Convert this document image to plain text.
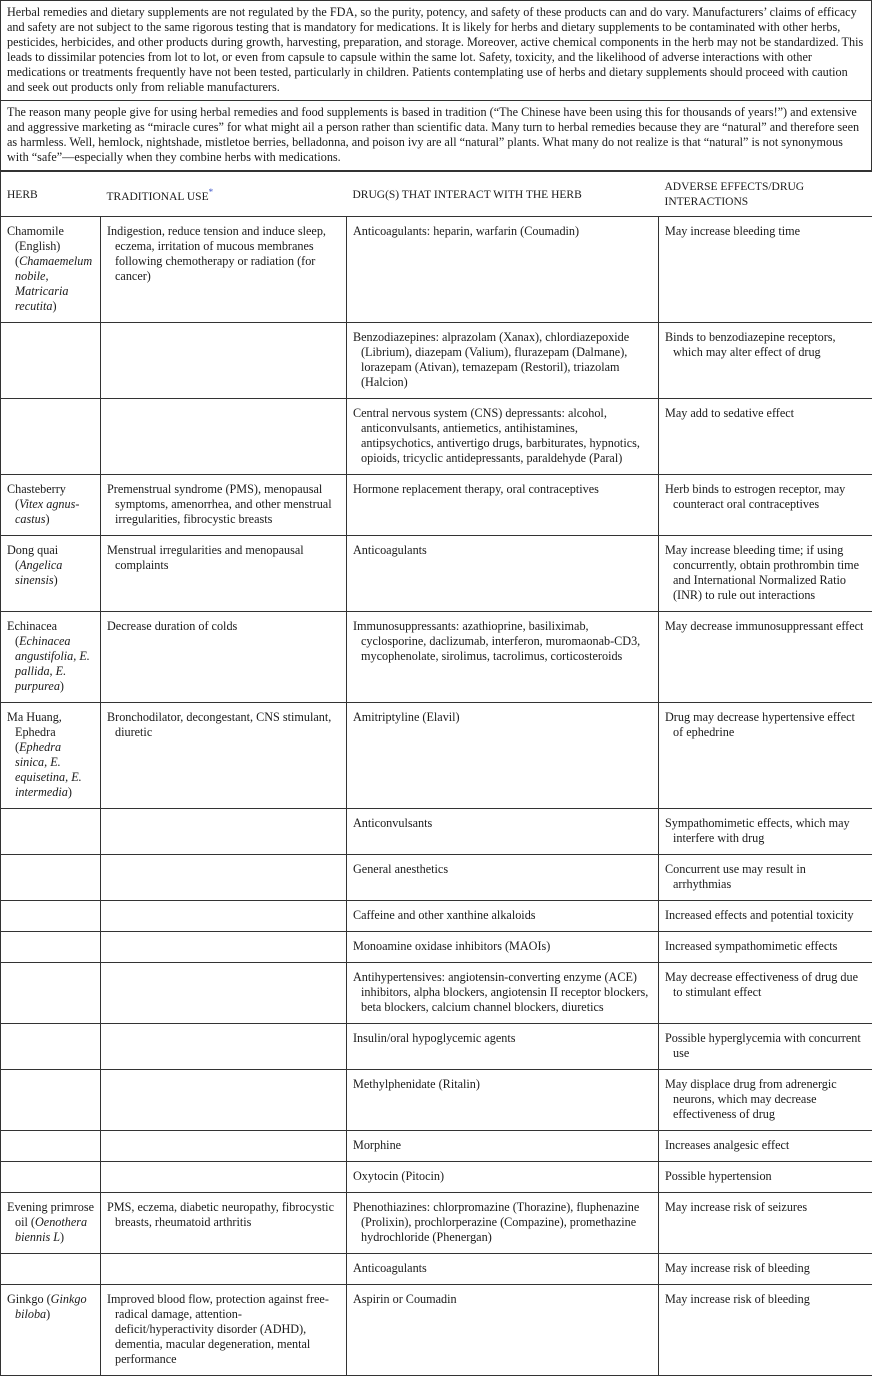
Herbal remedies and dietary supplements are not regulated by the FDA, so the purity, potency, and safety of these products can and do vary. Manufacturers’ claims of efficacy and safety are not subject to the same rigorous testing that is mandatory for medications. It is likely for herbs and dietary supplements to be contaminated with other herbs, pesticides, herbicides, and other products during growth, harvesting, preparation, and storage. Moreover, active chemical components in the herb may not be standardized. This leads to dissimilar potencies from lot to lot, or even from capsule to capsule within the same lot. Safety, toxicity, and the likelihood of adverse interactions with other medications or treatments frequently have not been tested, particularly in children. Patients contemplating use of herbs and dietary supplements should proceed with caution and seek out products only from reliable manufacturers.
The reason many people give for using herbal remedies and food supplements is based in tradition (“The Chinese have been using this for thousands of years!”) and extensive and aggressive marketing as “miracle cures” for what might ail a person rather than scientific data. Many turn to herbal remedies because they are “natural” and therefore seen as harmless. Well, hemlock, nightshade, mistletoe berries, belladonna, and poison ivy are all “natural” plants. What many do not realize is that “natural” is not synonymous with “safe”—especially when they combine herbs with medications.
HERB	TRADITIONAL USE*	DRUG(S) THAT INTERACT WITH THE HERB	ADVERSE EFFECTS/DRUG INTERACTIONS
Chamomile (English) (Chamaemelum nobile, Matricaria recutita)	Indigestion, reduce tension and induce sleep, eczema, irritation of mucous membranes following chemotherapy or radiation (for cancer)	Anticoagulants: heparin, warfarin (Coumadin)	May increase bleeding time
		Benzodiazepines: alprazolam (Xanax), chlordiazepoxide (Librium), diazepam (Valium), flurazepam (Dalmane), lorazepam (Ativan), temazepam (Restoril), triazolam (Halcion)	Binds to benzodiazepine receptors, which may alter effect of drug
		Central nervous system (CNS) depressants: alcohol, anticonvulsants, antiemetics, antihistamines, antipsychotics, antivertigo drugs, barbiturates, hypnotics, opioids, tricyclic antidepressants, paraldehyde (Paral)	May add to sedative effect
Chasteberry (Vitex agnus-castus)	Premenstrual syndrome (PMS), menopausal symptoms, amenorrhea, and other menstrual irregularities, fibrocystic breasts	Hormone replacement therapy, oral contraceptives	Herb binds to estrogen receptor, may counteract oral contraceptives
Dong quai (Angelica sinensis)	Menstrual irregularities and menopausal complaints	Anticoagulants	May increase bleeding time; if using concurrently, obtain prothrombin time and International Normalized Ratio (INR) to rule out interactions
Echinacea (Echinacea angustifolia, E. pallida, E. purpurea)	Decrease duration of colds	Immunosuppressants: azathioprine, basiliximab, cyclosporine, daclizumab, interferon, muromaonab-CD3, mycophenolate, sirolimus, tacrolimus, corticosteroids	May decrease immunosuppressant effect
Ma Huang, Ephedra (Ephedra sinica, E. equisetina, E. intermedia)	Bronchodilator, decongestant, CNS stimulant, diuretic	Amitriptyline (Elavil)	Drug may decrease hypertensive effect of ephedrine
		Anticonvulsants	Sympathomimetic effects, which may interfere with drug
		General anesthetics	Concurrent use may result in arrhythmias
		Caffeine and other xanthine alkaloids	Increased effects and potential toxicity
		Monoamine oxidase inhibitors (MAOIs)	Increased sympathomimetic effects
		Antihypertensives: angiotensin-converting enzyme (ACE) inhibitors, alpha blockers, angiotensin II receptor blockers, beta blockers, calcium channel blockers, diuretics	May decrease effectiveness of drug due to stimulant effect
		Insulin/oral hypoglycemic agents	Possible hyperglycemia with concurrent use
		Methylphenidate (Ritalin)	May displace drug from adrenergic neurons, which may decrease effectiveness of drug
		Morphine	Increases analgesic effect
		Oxytocin (Pitocin)	Possible hypertension
Evening primrose oil (Oenothera biennis L)	PMS, eczema, diabetic neuropathy, fibrocystic breasts, rheumatoid arthritis	Phenothiazines: chlorpromazine (Thorazine), fluphenazine (Prolixin), prochlorperazine (Compazine), promethazine hydrochloride (Phenergan)	May increase risk of seizures
		Anticoagulants	May increase risk of bleeding
Ginkgo (Ginkgo biloba)	Improved blood flow, protection against free-radical damage, attention-deficit/hyperactivity disorder (ADHD), dementia, macular degeneration, mental performance	Aspirin or Coumadin	May increase risk of bleeding
